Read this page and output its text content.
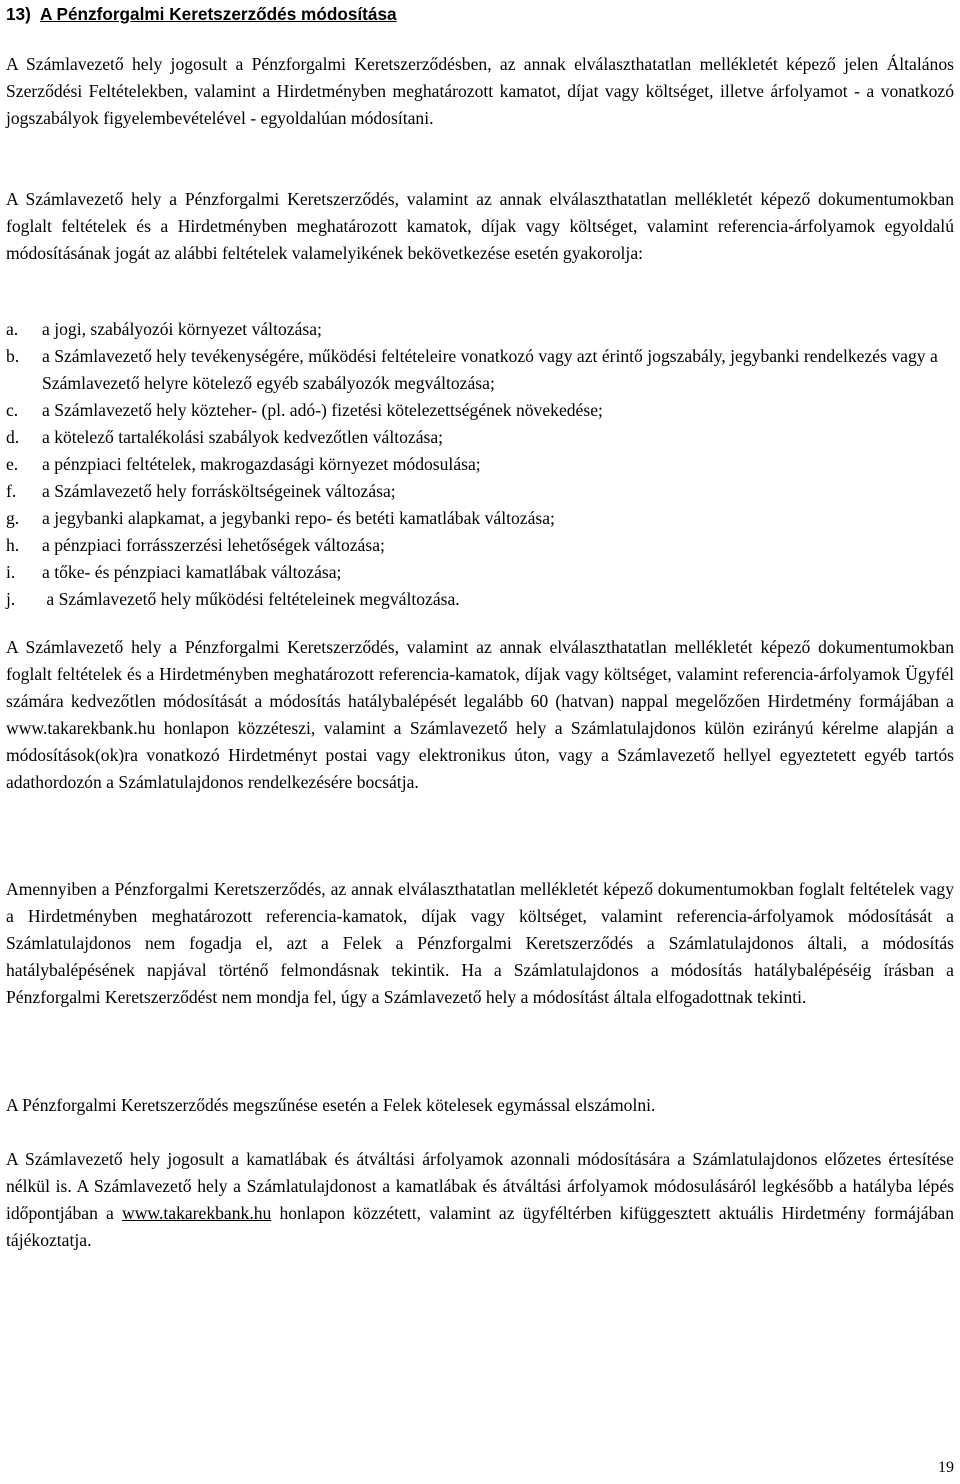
13) A Pénzforgalmi Keretszerződés módosítása

A Számlavezető hely jogosult a Pénzforgalmi Keretszerződésben, az annak elválaszthatatlan mellékletét képező jelen Általános Szerződési Feltételekben, valamint a Hirdetményben meghatározott kamatot, díjat vagy költséget, illetve árfolyamot - a vonatkozó jogszabályok figyelembevételével - egyoldalúan módosítani.

A Számlavezető hely a Pénzforgalmi Keretszerződés, valamint az annak elválaszthatatlan mellékletét képező dokumentumokban foglalt feltételek és a Hirdetményben meghatározott kamatok, díjak vagy költséget, valamint referencia-árfolyamok egyoldalú módosításának jogát az alábbi feltételek valamelyikének bekövetkezése esetén gyakorolja:

a.	a jogi, szabályozói környezet változása;
b.	a Számlavezető hely tevékenységére, működési feltételeire vonatkozó vagy azt érintő jogszabály, jegybanki rendelkezés vagy a Számlavezető helyre kötelező egyéb szabályozók megváltozása;
c.	a Számlavezető hely közteher- (pl. adó-) fizetési kötelezettségének növekedése;
d.	a kötelező tartalékolási szabályok kedvezőtlen változása;
e.	a pénzpiaci feltételek, makrogazdasági környezet módosulása;
f.	a Számlavezető hely forrásköltségeinek változása;
g.	a jegybanki alapkamat, a jegybanki repo- és betéti kamatlábak változása;
h.	a pénzpiaci forrásszerzési lehetőségek változása;
i.	a tőke- és pénzpiaci kamatlábak változása;
j.	a Számlavezető hely működési feltételeinek megváltozása.

A Számlavezető hely a Pénzforgalmi Keretszerződés, valamint az annak elválaszthatatlan mellékletét képező dokumentumokban foglalt feltételek és a Hirdetményben meghatározott referencia-kamatok, díjak vagy költséget, valamint referencia-árfolyamok Ügyfél számára kedvezőtlen módosítását a módosítás hatálybalépését legalább 60 (hatvan) nappal megelőzően Hirdetmény formájában a www.takarekbank.hu honlapon közzéteszi, valamint a Számlavezető hely a Számlatulajdonos külön ezirányú kérelme alapján a módosítások(ok)ra vonatkozó Hirdetményt postai vagy elektronikus úton, vagy a Számlavezető hellyel egyeztetett egyéb tartós adathordozón a Számlatulajdonos rendelkezésére bocsátja.

Amennyiben a Pénzforgalmi Keretszerződés, az annak elválaszthatatlan mellékletét képező dokumentumokban foglalt feltételek vagy a Hirdetményben meghatározott referencia-kamatok, díjak vagy költséget, valamint referencia-árfolyamok módosítását a Számlatulajdonos nem fogadja el, azt a Felek a Pénzforgalmi Keretszerződés a Számlatulajdonos általi, a módosítás hatálybalépésének napjával történő felmondásnak tekintik. Ha a Számlatulajdonos a módosítás hatálybalépéséig írásban a Pénzforgalmi Keretszerződést nem mondja fel, úgy a Számlavezető hely a módosítást általa elfogadottnak tekinti.

A Pénzforgalmi Keretszerződés megszűnése esetén a Felek kötelesek egymással elszámolni.

A Számlavezető hely jogosult a kamatlábak és átváltási árfolyamok azonnali módosítására a Számlatulajdonos előzetes értesítése nélkül is. A Számlavezető hely a Számlatulajdonost a kamatlábak és átváltási árfolyamok módosulásáról legkésőbb a hatályba lépés időpontjában a www.takarekbank.hu honlapon közzétett, valamint az ügyféltérben kifüggesztett aktuális Hirdetmény formájában tájékoztatja.

19
